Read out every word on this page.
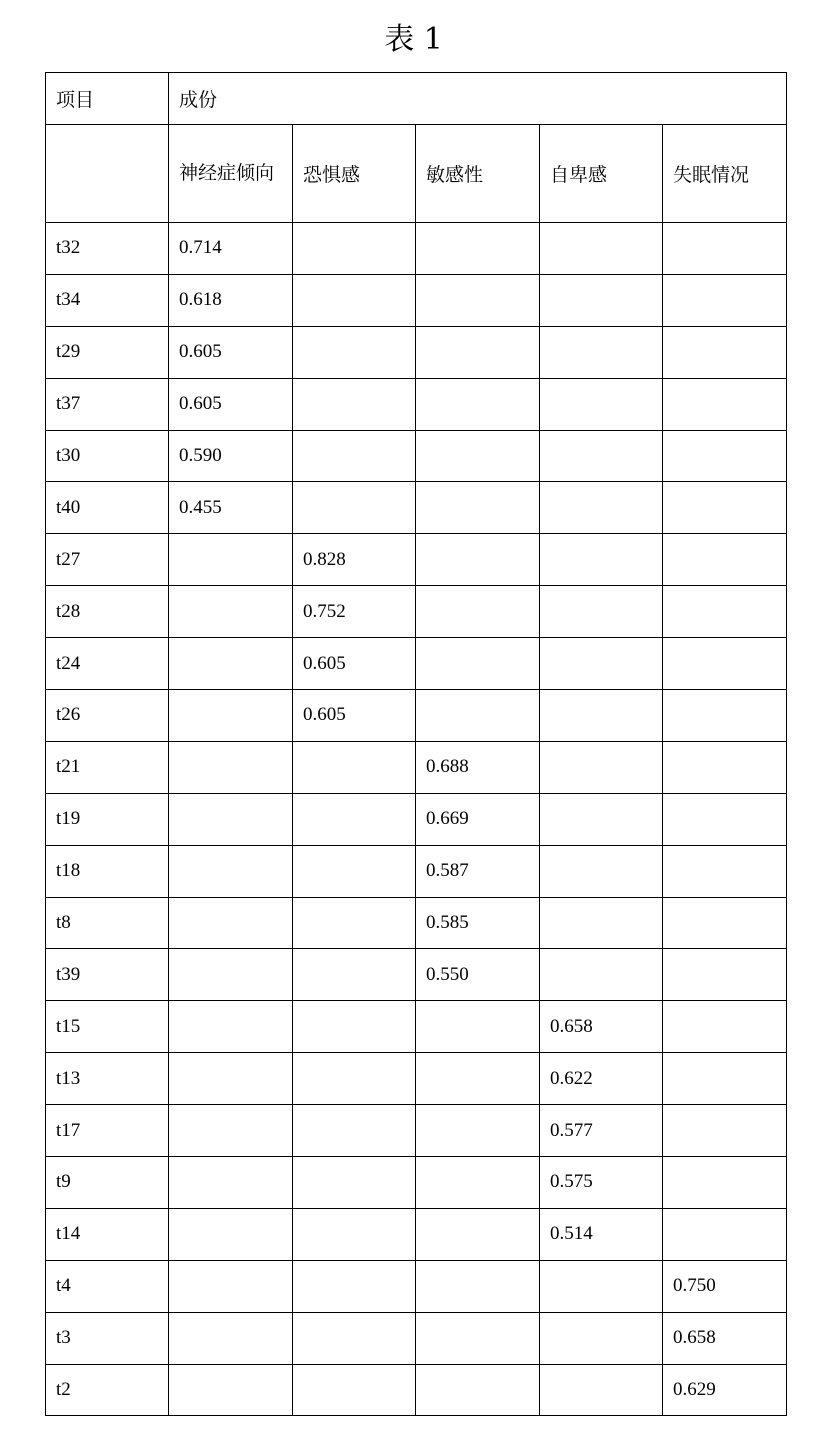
表 1
项目	成份				
	神经症倾向	恐惧感	敏感性	自卑感	失眠情况
t32	0.714				
t34	0.618				
t29	0.605				
t37	0.605				
t30	0.590				
t40	0.455				
t27		0.828			
t28		0.752			
t24		0.605			
t26		0.605			
t21			0.688		
t19			0.669		
t18			0.587		
t8			0.585		
t39			0.550		
t15				0.658	
t13				0.622	
t17				0.577	
t9				0.575	
t14				0.514	
t4					0.750
t3					0.658
t2					0.629
